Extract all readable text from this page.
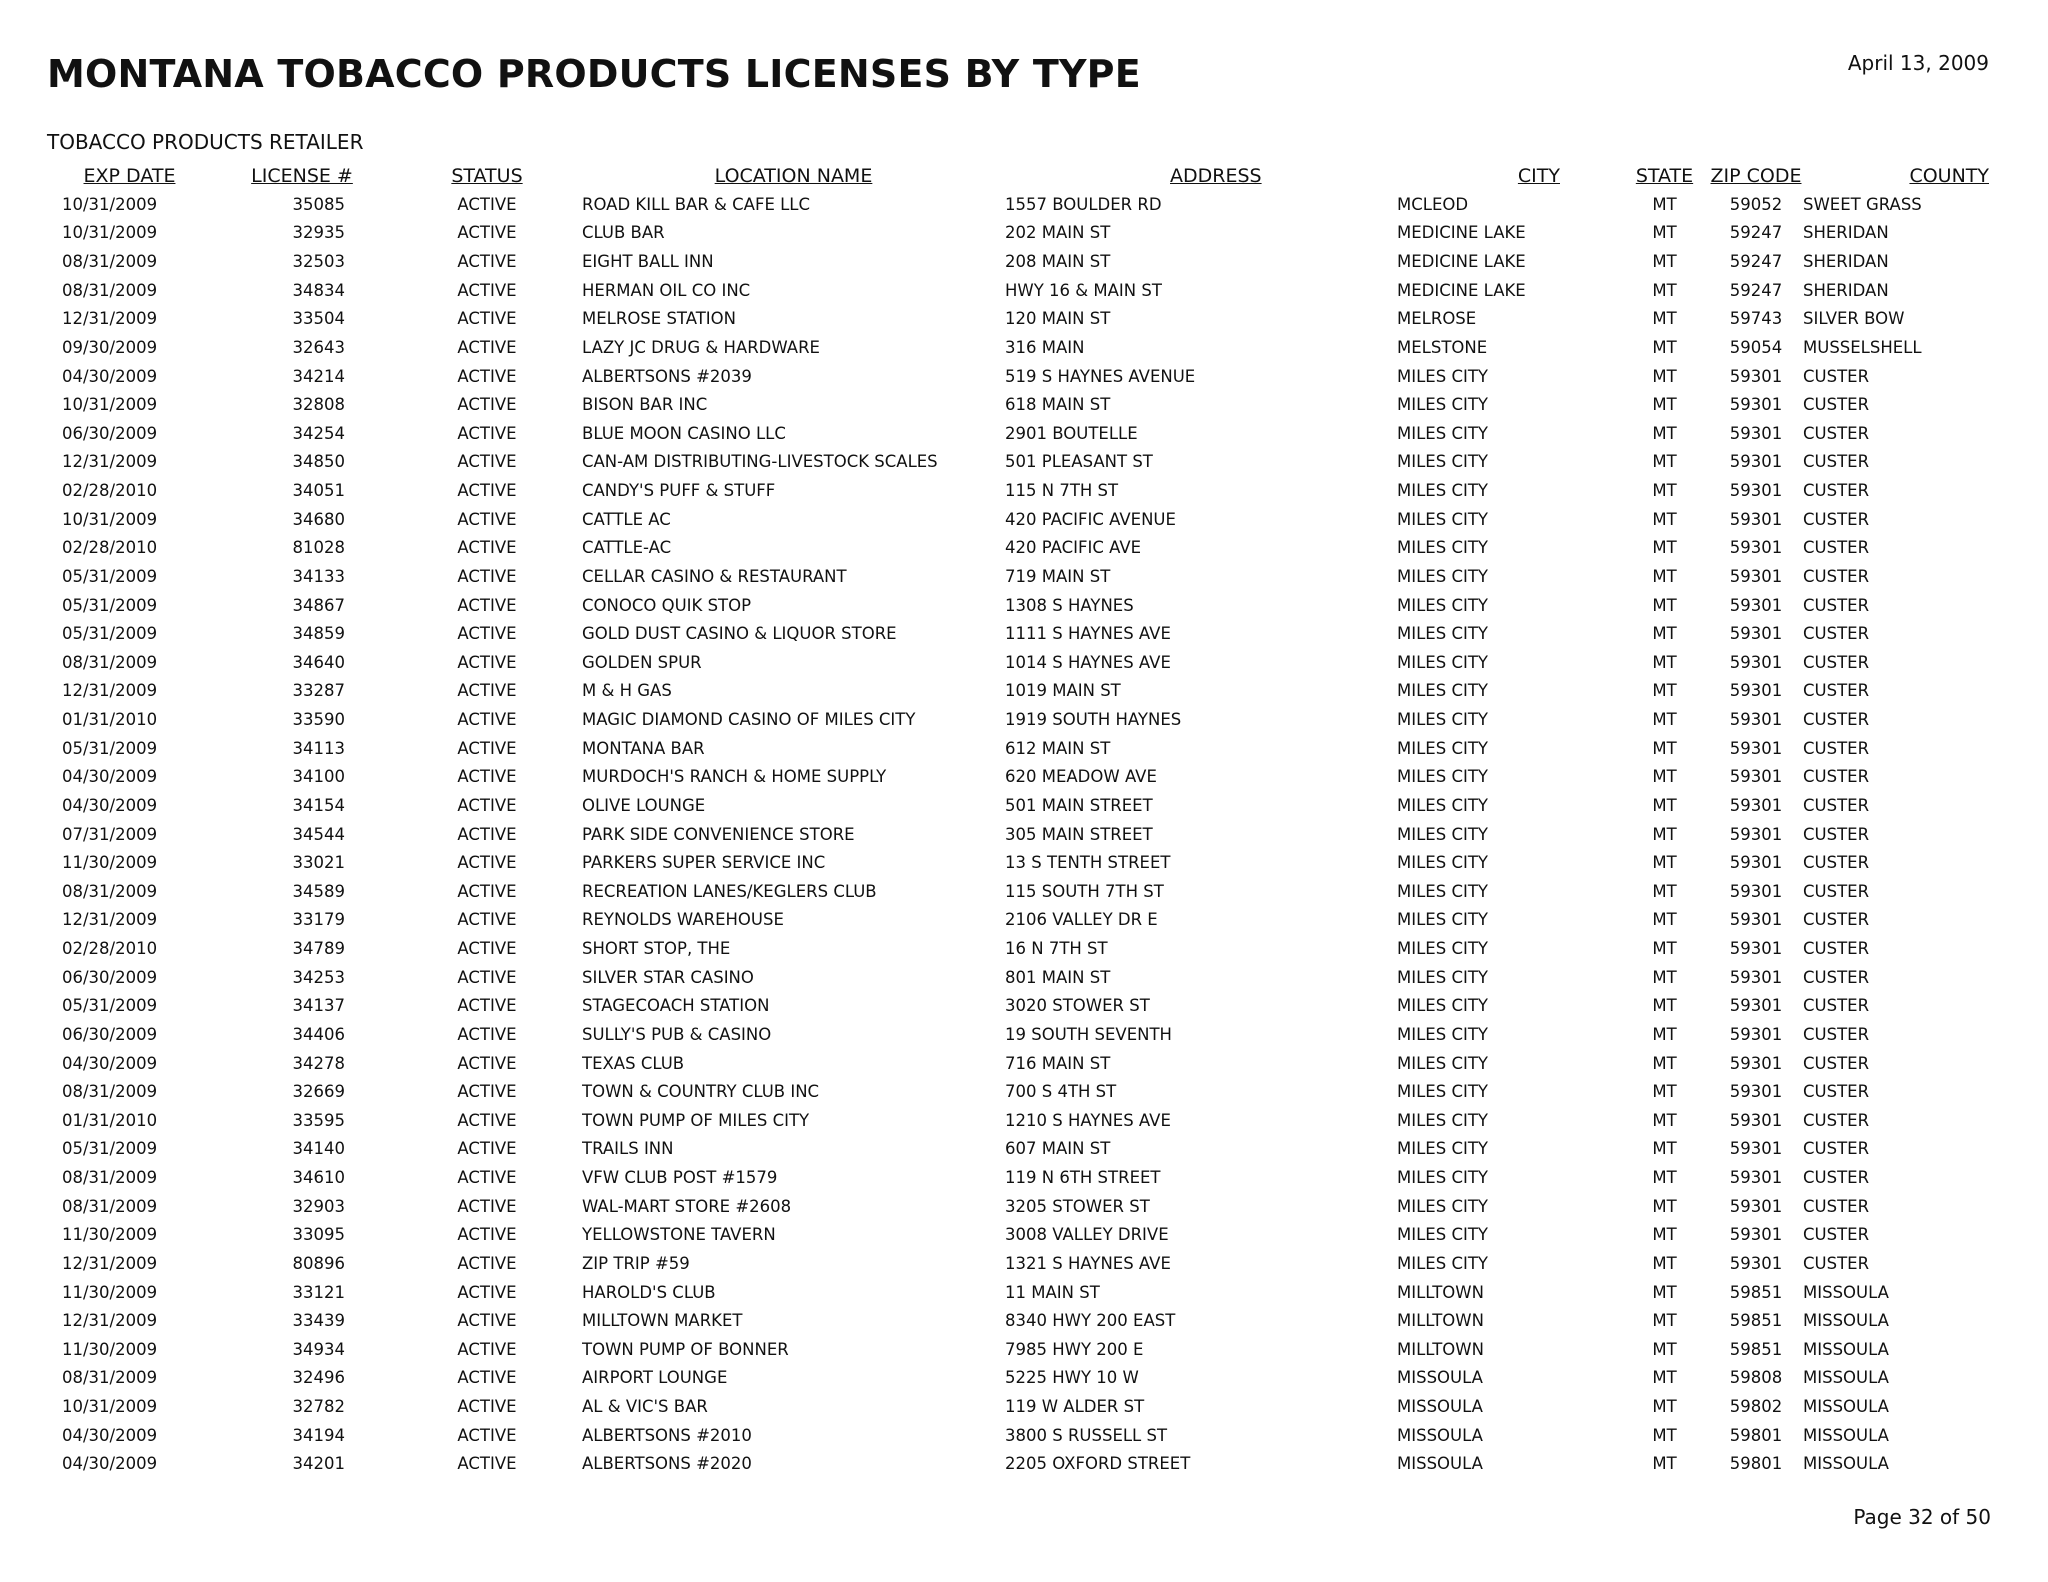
MONTANA TOBACCO PRODUCTS LICENSES BY TYPE	April 13, 2009
TOBACCO PRODUCTS RETAILER
EXP DATE	LICENSE #	STATUS	LOCATION NAME	ADDRESS	CITY	STATE	ZIP CODE	COUNTY
10/31/2009	35085	ACTIVE	ROAD KILL BAR & CAFE LLC	1557 BOULDER RD	MCLEOD	MT	59052	SWEET GRASS
10/31/2009	32935	ACTIVE	CLUB BAR	202 MAIN ST	MEDICINE LAKE	MT	59247	SHERIDAN
08/31/2009	32503	ACTIVE	EIGHT BALL INN	208 MAIN ST	MEDICINE LAKE	MT	59247	SHERIDAN
08/31/2009	34834	ACTIVE	HERMAN OIL CO INC	HWY 16 & MAIN ST	MEDICINE LAKE	MT	59247	SHERIDAN
12/31/2009	33504	ACTIVE	MELROSE STATION	120 MAIN ST	MELROSE	MT	59743	SILVER BOW
09/30/2009	32643	ACTIVE	LAZY JC DRUG & HARDWARE	316 MAIN	MELSTONE	MT	59054	MUSSELSHELL
04/30/2009	34214	ACTIVE	ALBERTSONS #2039	519 S HAYNES AVENUE	MILES CITY	MT	59301	CUSTER
10/31/2009	32808	ACTIVE	BISON BAR INC	618 MAIN ST	MILES CITY	MT	59301	CUSTER
06/30/2009	34254	ACTIVE	BLUE MOON CASINO LLC	2901 BOUTELLE	MILES CITY	MT	59301	CUSTER
12/31/2009	34850	ACTIVE	CAN-AM DISTRIBUTING-LIVESTOCK SCALES	501 PLEASANT ST	MILES CITY	MT	59301	CUSTER
02/28/2010	34051	ACTIVE	CANDY'S PUFF & STUFF	115 N 7TH ST	MILES CITY	MT	59301	CUSTER
10/31/2009	34680	ACTIVE	CATTLE AC	420 PACIFIC AVENUE	MILES CITY	MT	59301	CUSTER
02/28/2010	81028	ACTIVE	CATTLE-AC	420 PACIFIC AVE	MILES CITY	MT	59301	CUSTER
05/31/2009	34133	ACTIVE	CELLAR CASINO & RESTAURANT	719 MAIN ST	MILES CITY	MT	59301	CUSTER
05/31/2009	34867	ACTIVE	CONOCO QUIK STOP	1308 S HAYNES	MILES CITY	MT	59301	CUSTER
05/31/2009	34859	ACTIVE	GOLD DUST CASINO & LIQUOR STORE	1111 S HAYNES AVE	MILES CITY	MT	59301	CUSTER
08/31/2009	34640	ACTIVE	GOLDEN SPUR	1014 S HAYNES AVE	MILES CITY	MT	59301	CUSTER
12/31/2009	33287	ACTIVE	M & H GAS	1019 MAIN ST	MILES CITY	MT	59301	CUSTER
01/31/2010	33590	ACTIVE	MAGIC DIAMOND CASINO OF MILES CITY	1919 SOUTH HAYNES	MILES CITY	MT	59301	CUSTER
05/31/2009	34113	ACTIVE	MONTANA BAR	612 MAIN ST	MILES CITY	MT	59301	CUSTER
04/30/2009	34100	ACTIVE	MURDOCH'S RANCH & HOME SUPPLY	620 MEADOW AVE	MILES CITY	MT	59301	CUSTER
04/30/2009	34154	ACTIVE	OLIVE LOUNGE	501 MAIN STREET	MILES CITY	MT	59301	CUSTER
07/31/2009	34544	ACTIVE	PARK SIDE CONVENIENCE STORE	305 MAIN STREET	MILES CITY	MT	59301	CUSTER
11/30/2009	33021	ACTIVE	PARKERS SUPER SERVICE INC	13 S TENTH STREET	MILES CITY	MT	59301	CUSTER
08/31/2009	34589	ACTIVE	RECREATION LANES/KEGLERS CLUB	115 SOUTH 7TH ST	MILES CITY	MT	59301	CUSTER
12/31/2009	33179	ACTIVE	REYNOLDS WAREHOUSE	2106 VALLEY DR E	MILES CITY	MT	59301	CUSTER
02/28/2010	34789	ACTIVE	SHORT STOP, THE	16 N 7TH ST	MILES CITY	MT	59301	CUSTER
06/30/2009	34253	ACTIVE	SILVER STAR CASINO	801 MAIN ST	MILES CITY	MT	59301	CUSTER
05/31/2009	34137	ACTIVE	STAGECOACH STATION	3020 STOWER ST	MILES CITY	MT	59301	CUSTER
06/30/2009	34406	ACTIVE	SULLY'S PUB & CASINO	19 SOUTH SEVENTH	MILES CITY	MT	59301	CUSTER
04/30/2009	34278	ACTIVE	TEXAS CLUB	716 MAIN ST	MILES CITY	MT	59301	CUSTER
08/31/2009	32669	ACTIVE	TOWN & COUNTRY CLUB INC	700 S 4TH ST	MILES CITY	MT	59301	CUSTER
01/31/2010	33595	ACTIVE	TOWN PUMP OF MILES CITY	1210 S HAYNES AVE	MILES CITY	MT	59301	CUSTER
05/31/2009	34140	ACTIVE	TRAILS INN	607 MAIN ST	MILES CITY	MT	59301	CUSTER
08/31/2009	34610	ACTIVE	VFW CLUB POST #1579	119 N 6TH STREET	MILES CITY	MT	59301	CUSTER
08/31/2009	32903	ACTIVE	WAL-MART STORE #2608	3205 STOWER ST	MILES CITY	MT	59301	CUSTER
11/30/2009	33095	ACTIVE	YELLOWSTONE TAVERN	3008 VALLEY DRIVE	MILES CITY	MT	59301	CUSTER
12/31/2009	80896	ACTIVE	ZIP TRIP #59	1321 S HAYNES AVE	MILES CITY	MT	59301	CUSTER
11/30/2009	33121	ACTIVE	HAROLD'S CLUB	11 MAIN ST	MILLTOWN	MT	59851	MISSOULA
12/31/2009	33439	ACTIVE	MILLTOWN MARKET	8340 HWY 200 EAST	MILLTOWN	MT	59851	MISSOULA
11/30/2009	34934	ACTIVE	TOWN PUMP OF BONNER	7985 HWY 200 E	MILLTOWN	MT	59851	MISSOULA
08/31/2009	32496	ACTIVE	AIRPORT LOUNGE	5225 HWY 10 W	MISSOULA	MT	59808	MISSOULA
10/31/2009	32782	ACTIVE	AL & VIC'S BAR	119 W ALDER ST	MISSOULA	MT	59802	MISSOULA
04/30/2009	34194	ACTIVE	ALBERTSONS #2010	3800 S RUSSELL ST	MISSOULA	MT	59801	MISSOULA
04/30/2009	34201	ACTIVE	ALBERTSONS #2020	2205 OXFORD STREET	MISSOULA	MT	59801	MISSOULA
Page 32 of 50
